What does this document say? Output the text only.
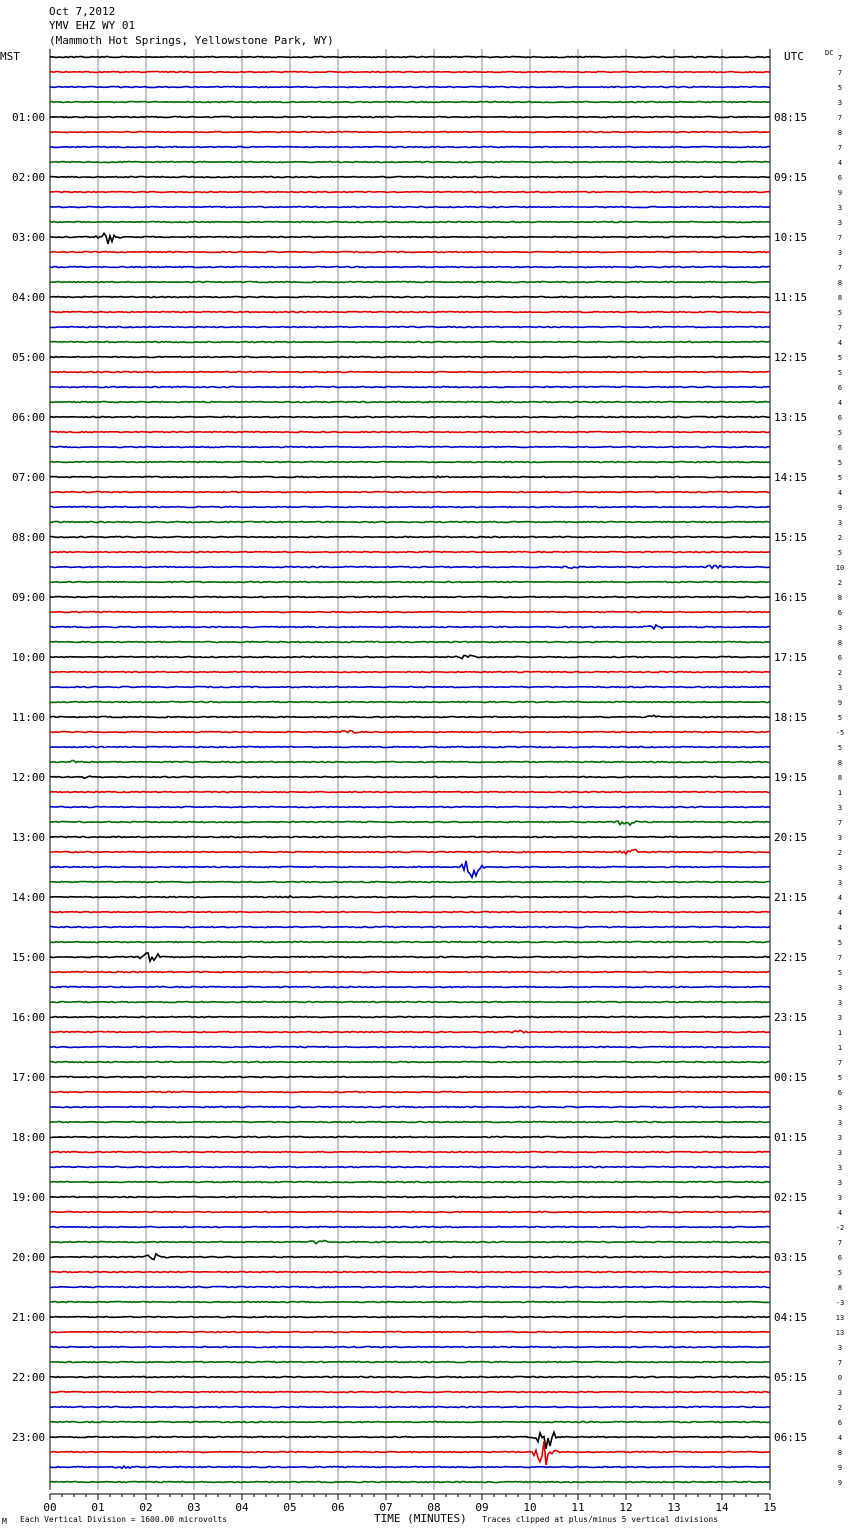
Oct 7,2012
YMV EHZ WY 01
(Mammoth Hot Springs, Yellowstone Park, WY)
00	01	02	03	04	05	06	07	08	09	10	11	12	13	14	15
7
7
5
3
7
8
7
4
6
9
3
3
7
3
7
8
8
5
7
4
5
5
6
4
6
5
6
5
5
4
9
3
2
5
10
2
8
6
3
8
6
2
3
9
5
-5
5
8
8
1
3
7
3
2
3
3
4
4
4
5
7
5
3
3
3
1
1
7
5
6
3
3
3
3
3
3
3
4
-2
7
6
5
8
-3
13
13
3
7
0
3
2
6
4
8
9
9
MST	UTC	DC
01:00	08:15
02:00	09:15
03:00	10:15
04:00	11:15
05:00	12:15
06:00	13:15
07:00	14:15
08:00	15:15
09:00	16:15
10:00	17:15
11:00	18:15
12:00	19:15
13:00	20:15
14:00	21:15
15:00	22:15
16:00	23:15
17:00	00:15
18:00	01:15
19:00	02:15
20:00	03:15
21:00	04:15
22:00	05:15
23:00	06:15
M Each Vertical Division = 1600.00 microvolts	TIME (MINUTES) Traces clipped at plus/minus 5 vertical divisions
